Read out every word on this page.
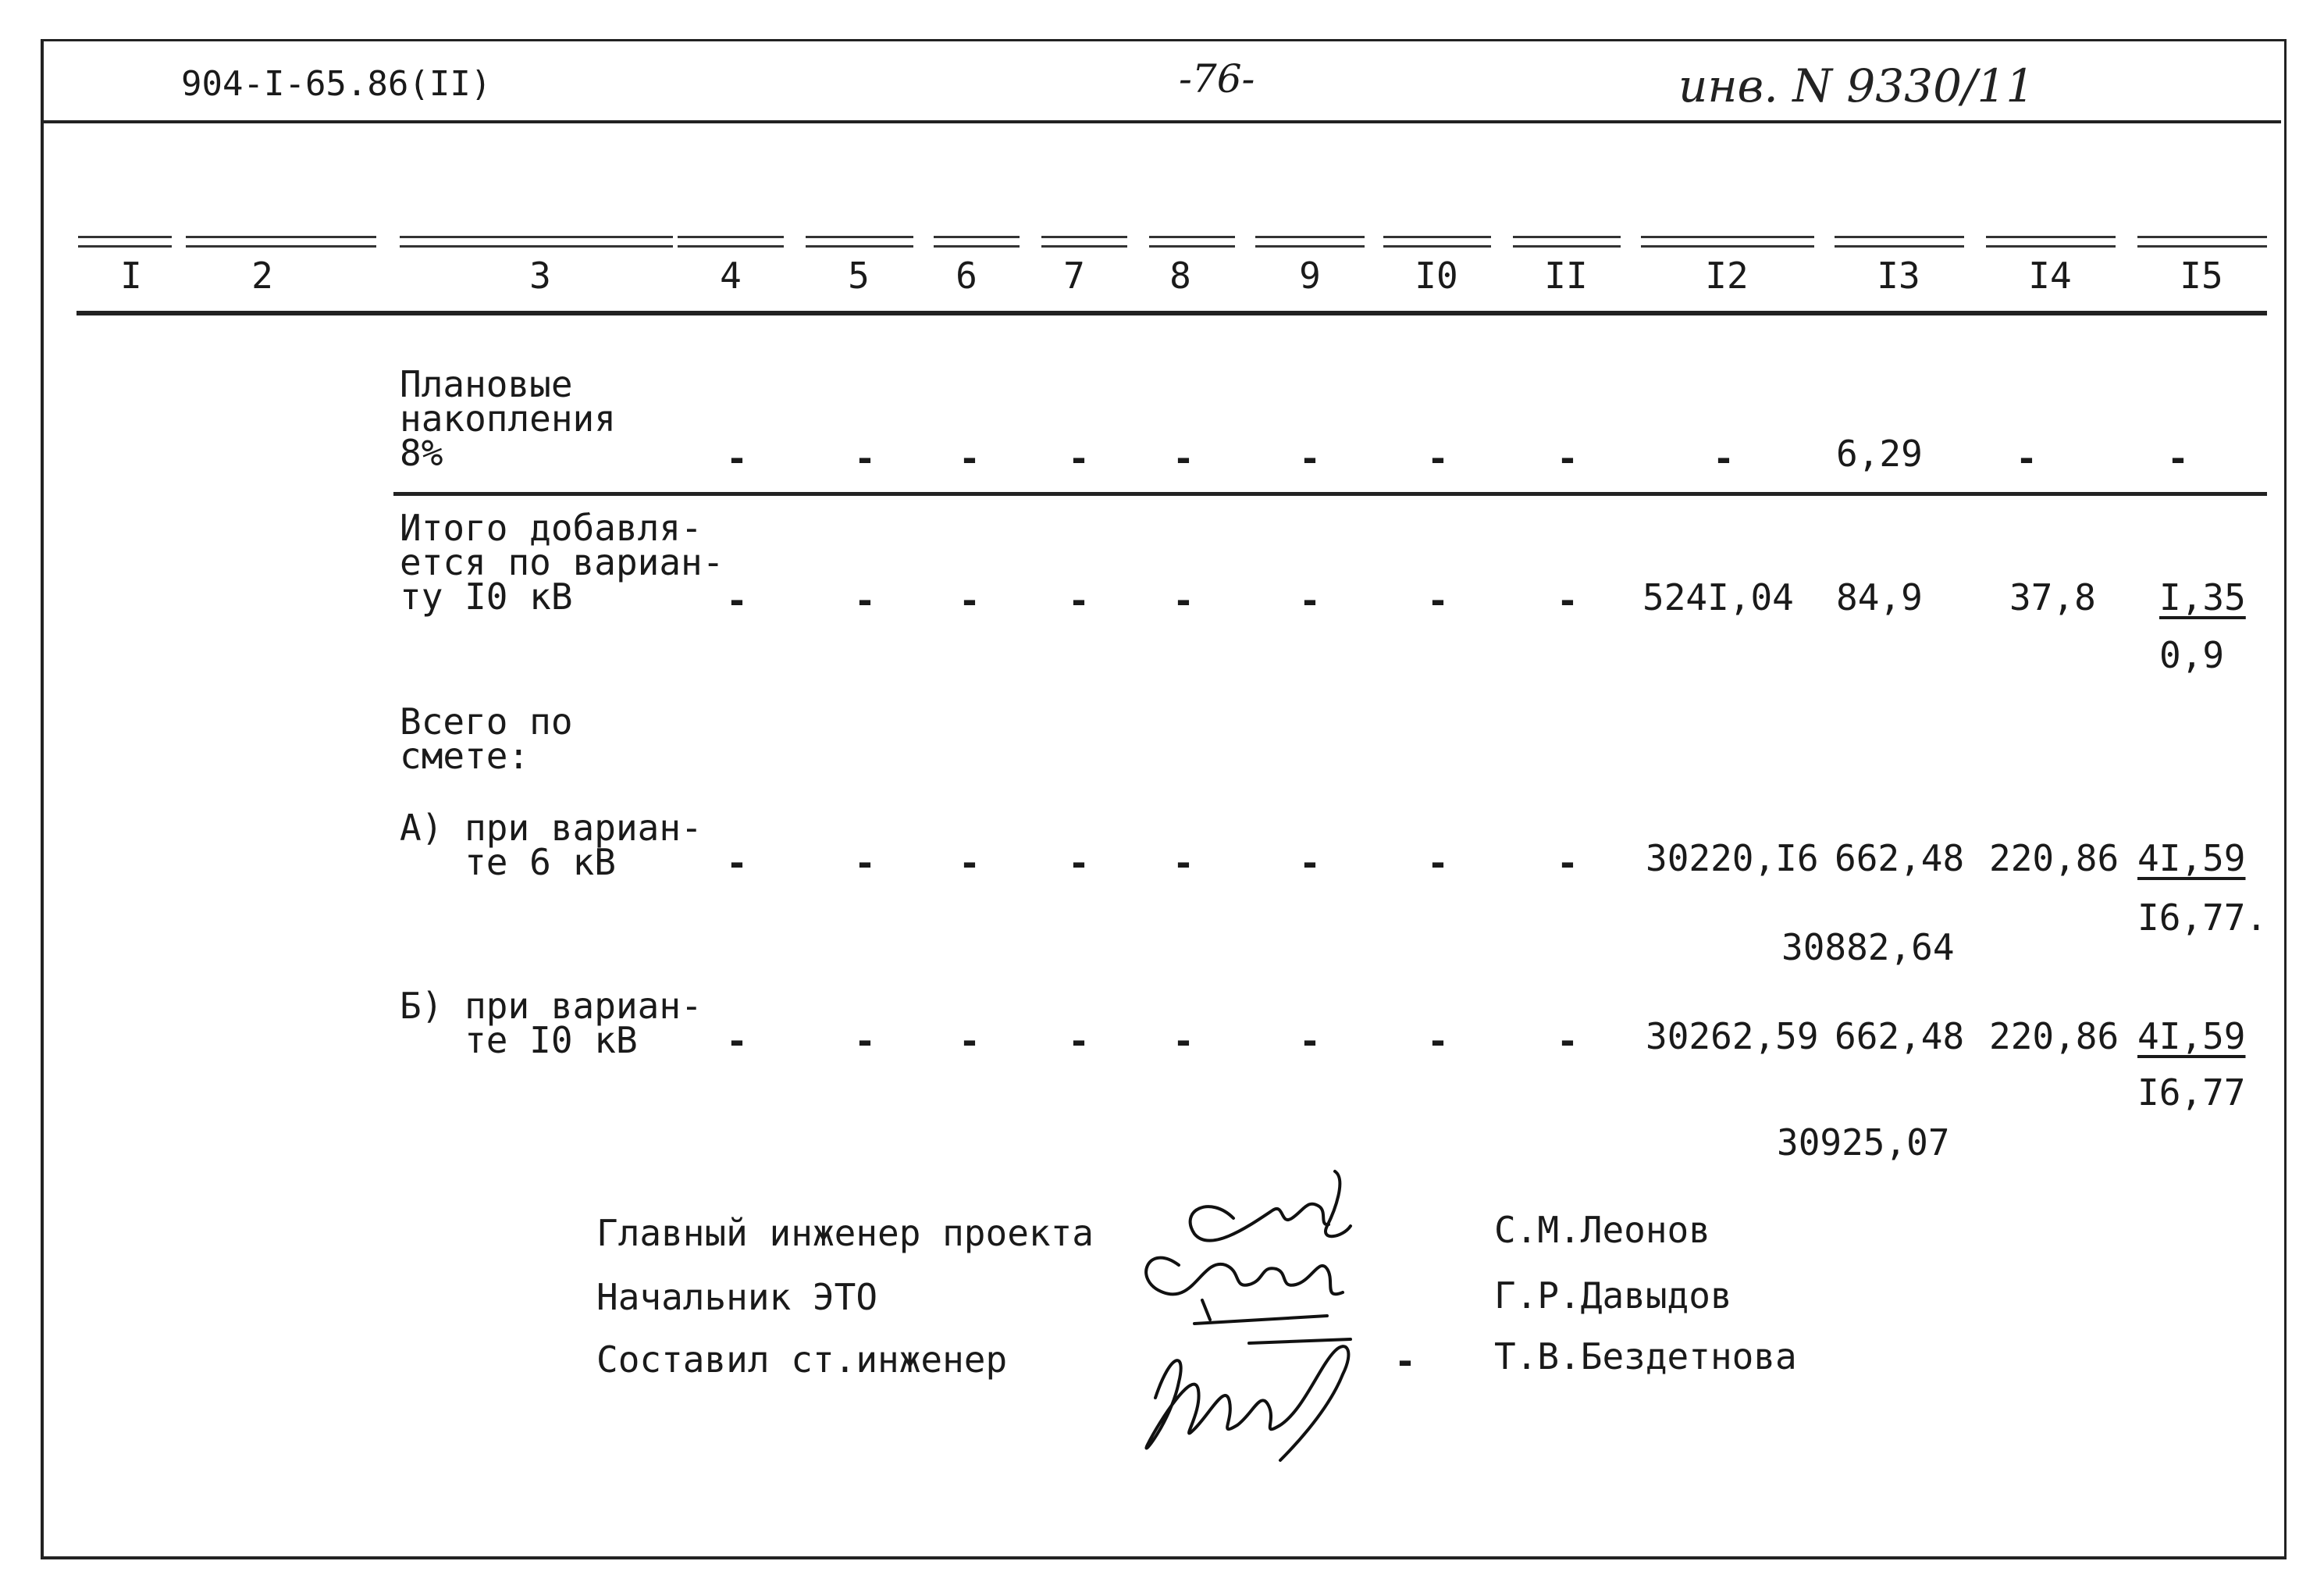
904-I-65.86(II)	-76-	инв. N 9330/11
I	2	3	4	5	6	7	8	9	I0	II	I2	I3	I4	I5
Плановые
накопления
8%	-	-	-	-	-	-	-	-	-	6,29	-	-
Итого добавля-
ется по вариан-
ту I0 кВ	-	-	-	-	-	-	-	-	524I,04 84,9 37,8 I,35
0,9
Всего по
смете:
А) при вариан-
те 6 кВ	-	-	-	-	-	-	-	-	30220,I6 662,48 220,86 4I,59
I6,77.
30882,64
Б) при вариан-
те I0 кВ	-	-	-	-	-	-	-	-	30262,59 662,48 220,86 4I,59
I6,77
30925,07
Главный инженер проекта
Начальник ЭТО
Составил ст.инженер	-
С.М.Леонов
Г.Р.Давыдов
Т.В.Бездетнова
